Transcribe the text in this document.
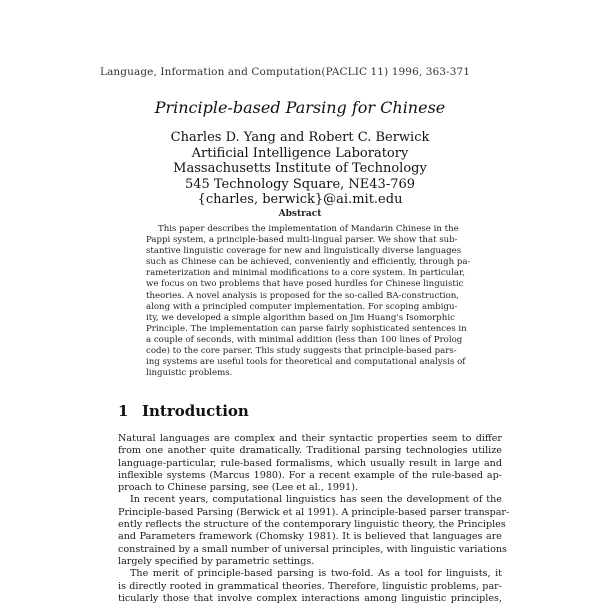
Language, Information and Computation(PACLIC 11) 1996, 363-371
Principle-based Parsing for Chinese
Charles D. Yang and Robert C. Berwick
Artificial Intelligence Laboratory
Massachusetts Institute of Technology
545 Technology Square, NE43-769
{charles, berwick}@ai.mit.edu
Abstract
This paper describes the implementation of Mandarin Chinese in the
Pappi system, a principle-based multi-lingual parser. We show that sub-
stantive linguistic coverage for new and linguistically diverse languages
such as Chinese can be achieved, conveniently and efficiently, through pa-
rameterization and minimal modifications to a core system. In particular,
we focus on two problems that have posed hurdles for Chinese linguistic
theories. A novel analysis is proposed for the so-called BA-construction,
along with a principled computer implementation. For scoping ambigu-
ity, we developed a simple algorithm based on Jim Huang's Isomorphic
Principle. The implementation can parse fairly sophisticated sentences in
a couple of seconds, with minimal addition (less than 100 lines of Prolog
code) to the core parser. This study suggests that principle-based pars-
ing systems are useful tools for theoretical and computational analysis of
linguistic problems.
1 Introduction
Natural languages are complex and their syntactic properties seem to differ
from one another quite dramatically. Traditional parsing technologies utilize
language-particular, rule-based formalisms, which usually result in large and
inflexible systems (Marcus 1980). For a recent example of the rule-based ap-
proach to Chinese parsing, see (Lee et al., 1991).
In recent years, computational linguistics has seen the development of the
Principle-based Parsing (Berwick et al 1991). A principle-based parser transpar-
ently reflects the structure of the contemporary linguistic theory, the Principles
and Parameters framework (Chomsky 1981). It is believed that languages are
constrained by a small number of universal principles, with linguistic variations
largely specified by parametric settings.
The merit of principle-based parsing is two-fold. As a tool for linguists, it
is directly rooted in grammatical theories. Therefore, linguistic problems, par-
ticularly those that involve complex interactions among linguistic principles,
